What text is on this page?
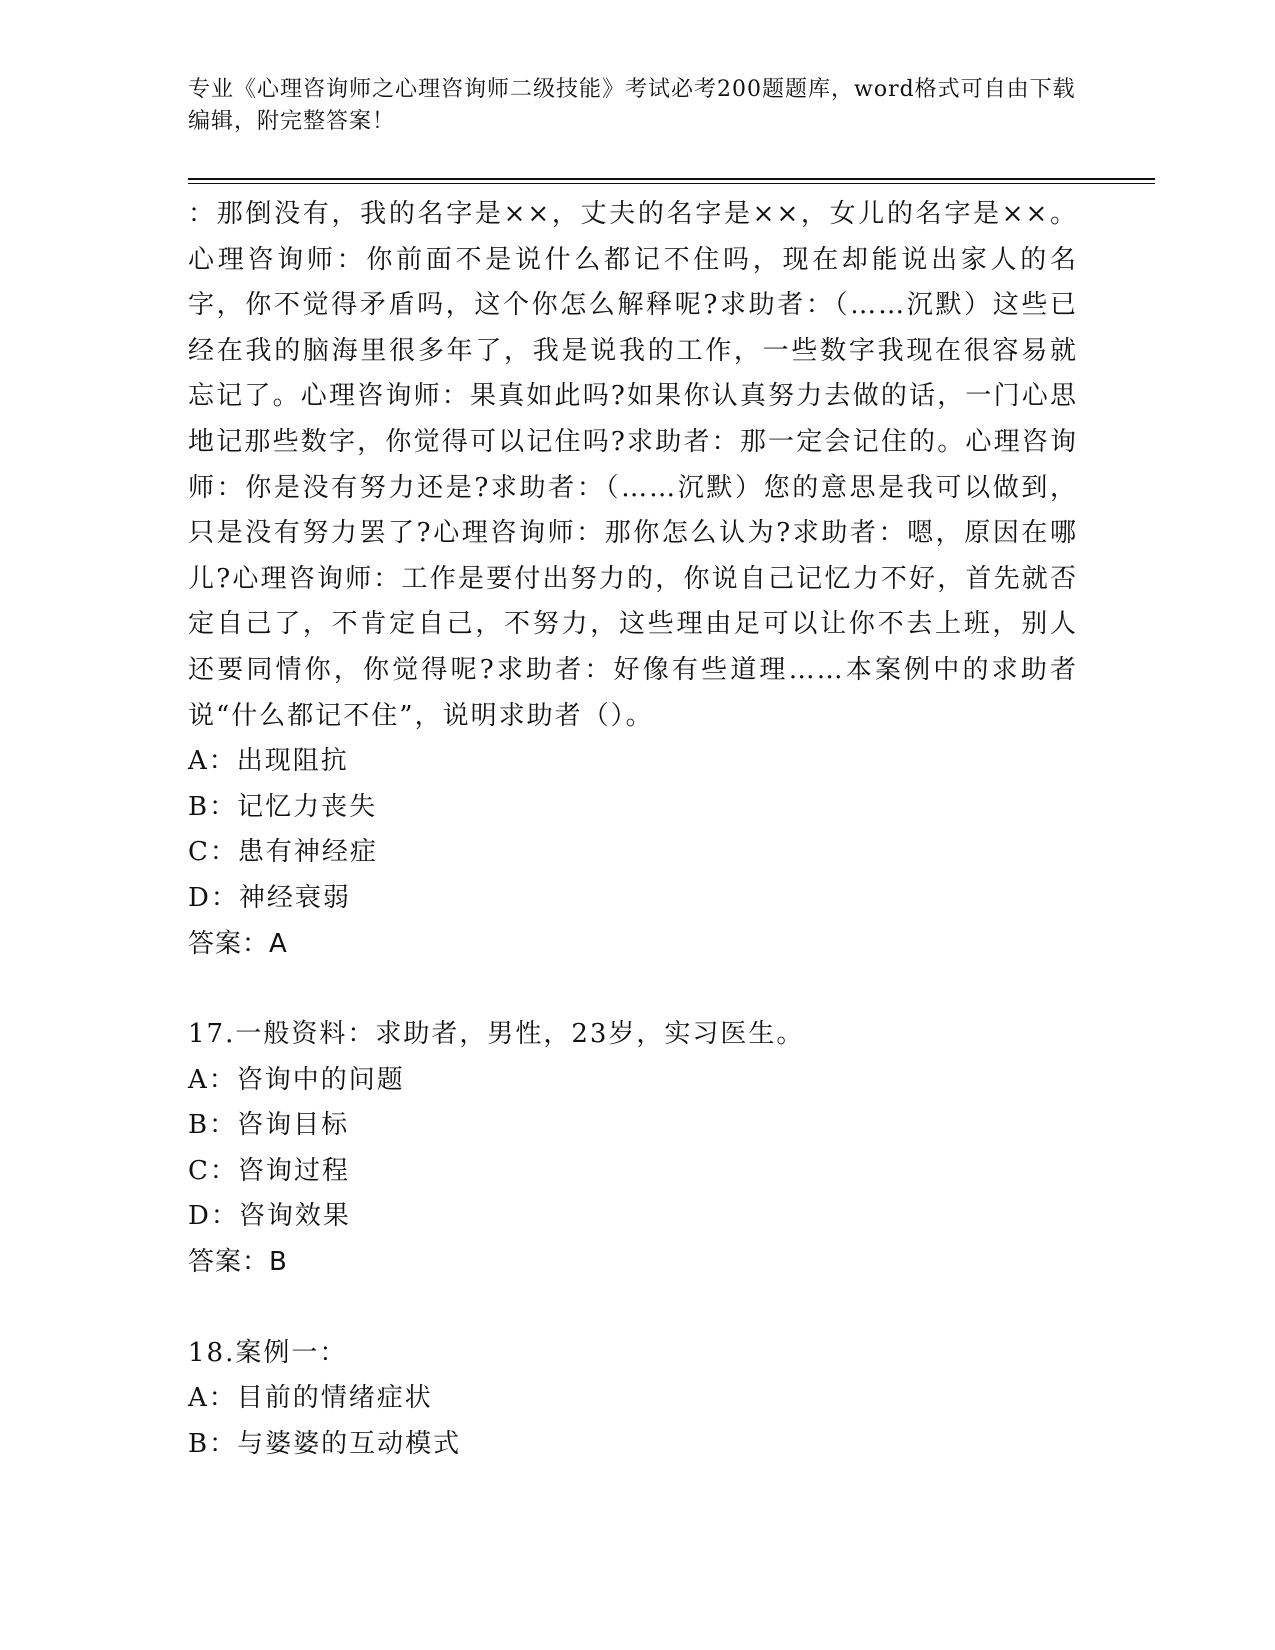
专业《心理咨询师之心理咨询师二级技能》考试必考200题题库，word格式可自由下载编辑，附完整答案！

：那倒没有，我的名字是××，丈夫的名字是××，女儿的名字是××。心理咨询师：你前面不是说什么都记不住吗，现在却能说出家人的名字，你不觉得矛盾吗，这个你怎么解释呢?求助者：（……沉默）这些已经在我的脑海里很多年了，我是说我的工作，一些数字我现在很容易就忘记了。心理咨询师：果真如此吗?如果你认真努力去做的话，一门心思地记那些数字，你觉得可以记住吗?求助者：那一定会记住的。心理咨询师：你是没有努力还是?求助者：（……沉默）您的意思是我可以做到，只是没有努力罢了?心理咨询师：那你怎么认为?求助者：嗯，原因在哪儿?心理咨询师：工作是要付出努力的，你说自己记忆力不好，首先就否定自己了，不肯定自己，不努力，这些理由足可以让你不去上班，别人还要同情你，你觉得呢?求助者：好像有些道理……本案例中的求助者说“什么都记不住”，说明求助者（）。

A：出现阻抗

B：记忆力丧失

C：患有神经症

D：神经衰弱

答案：A

17.一般资料：求助者，男性，23岁，实习医生。

A：咨询中的问题

B：咨询目标

C：咨询过程

D：咨询效果

答案：B

18.案例一：

A：目前的情绪症状

B：与婆婆的互动模式
